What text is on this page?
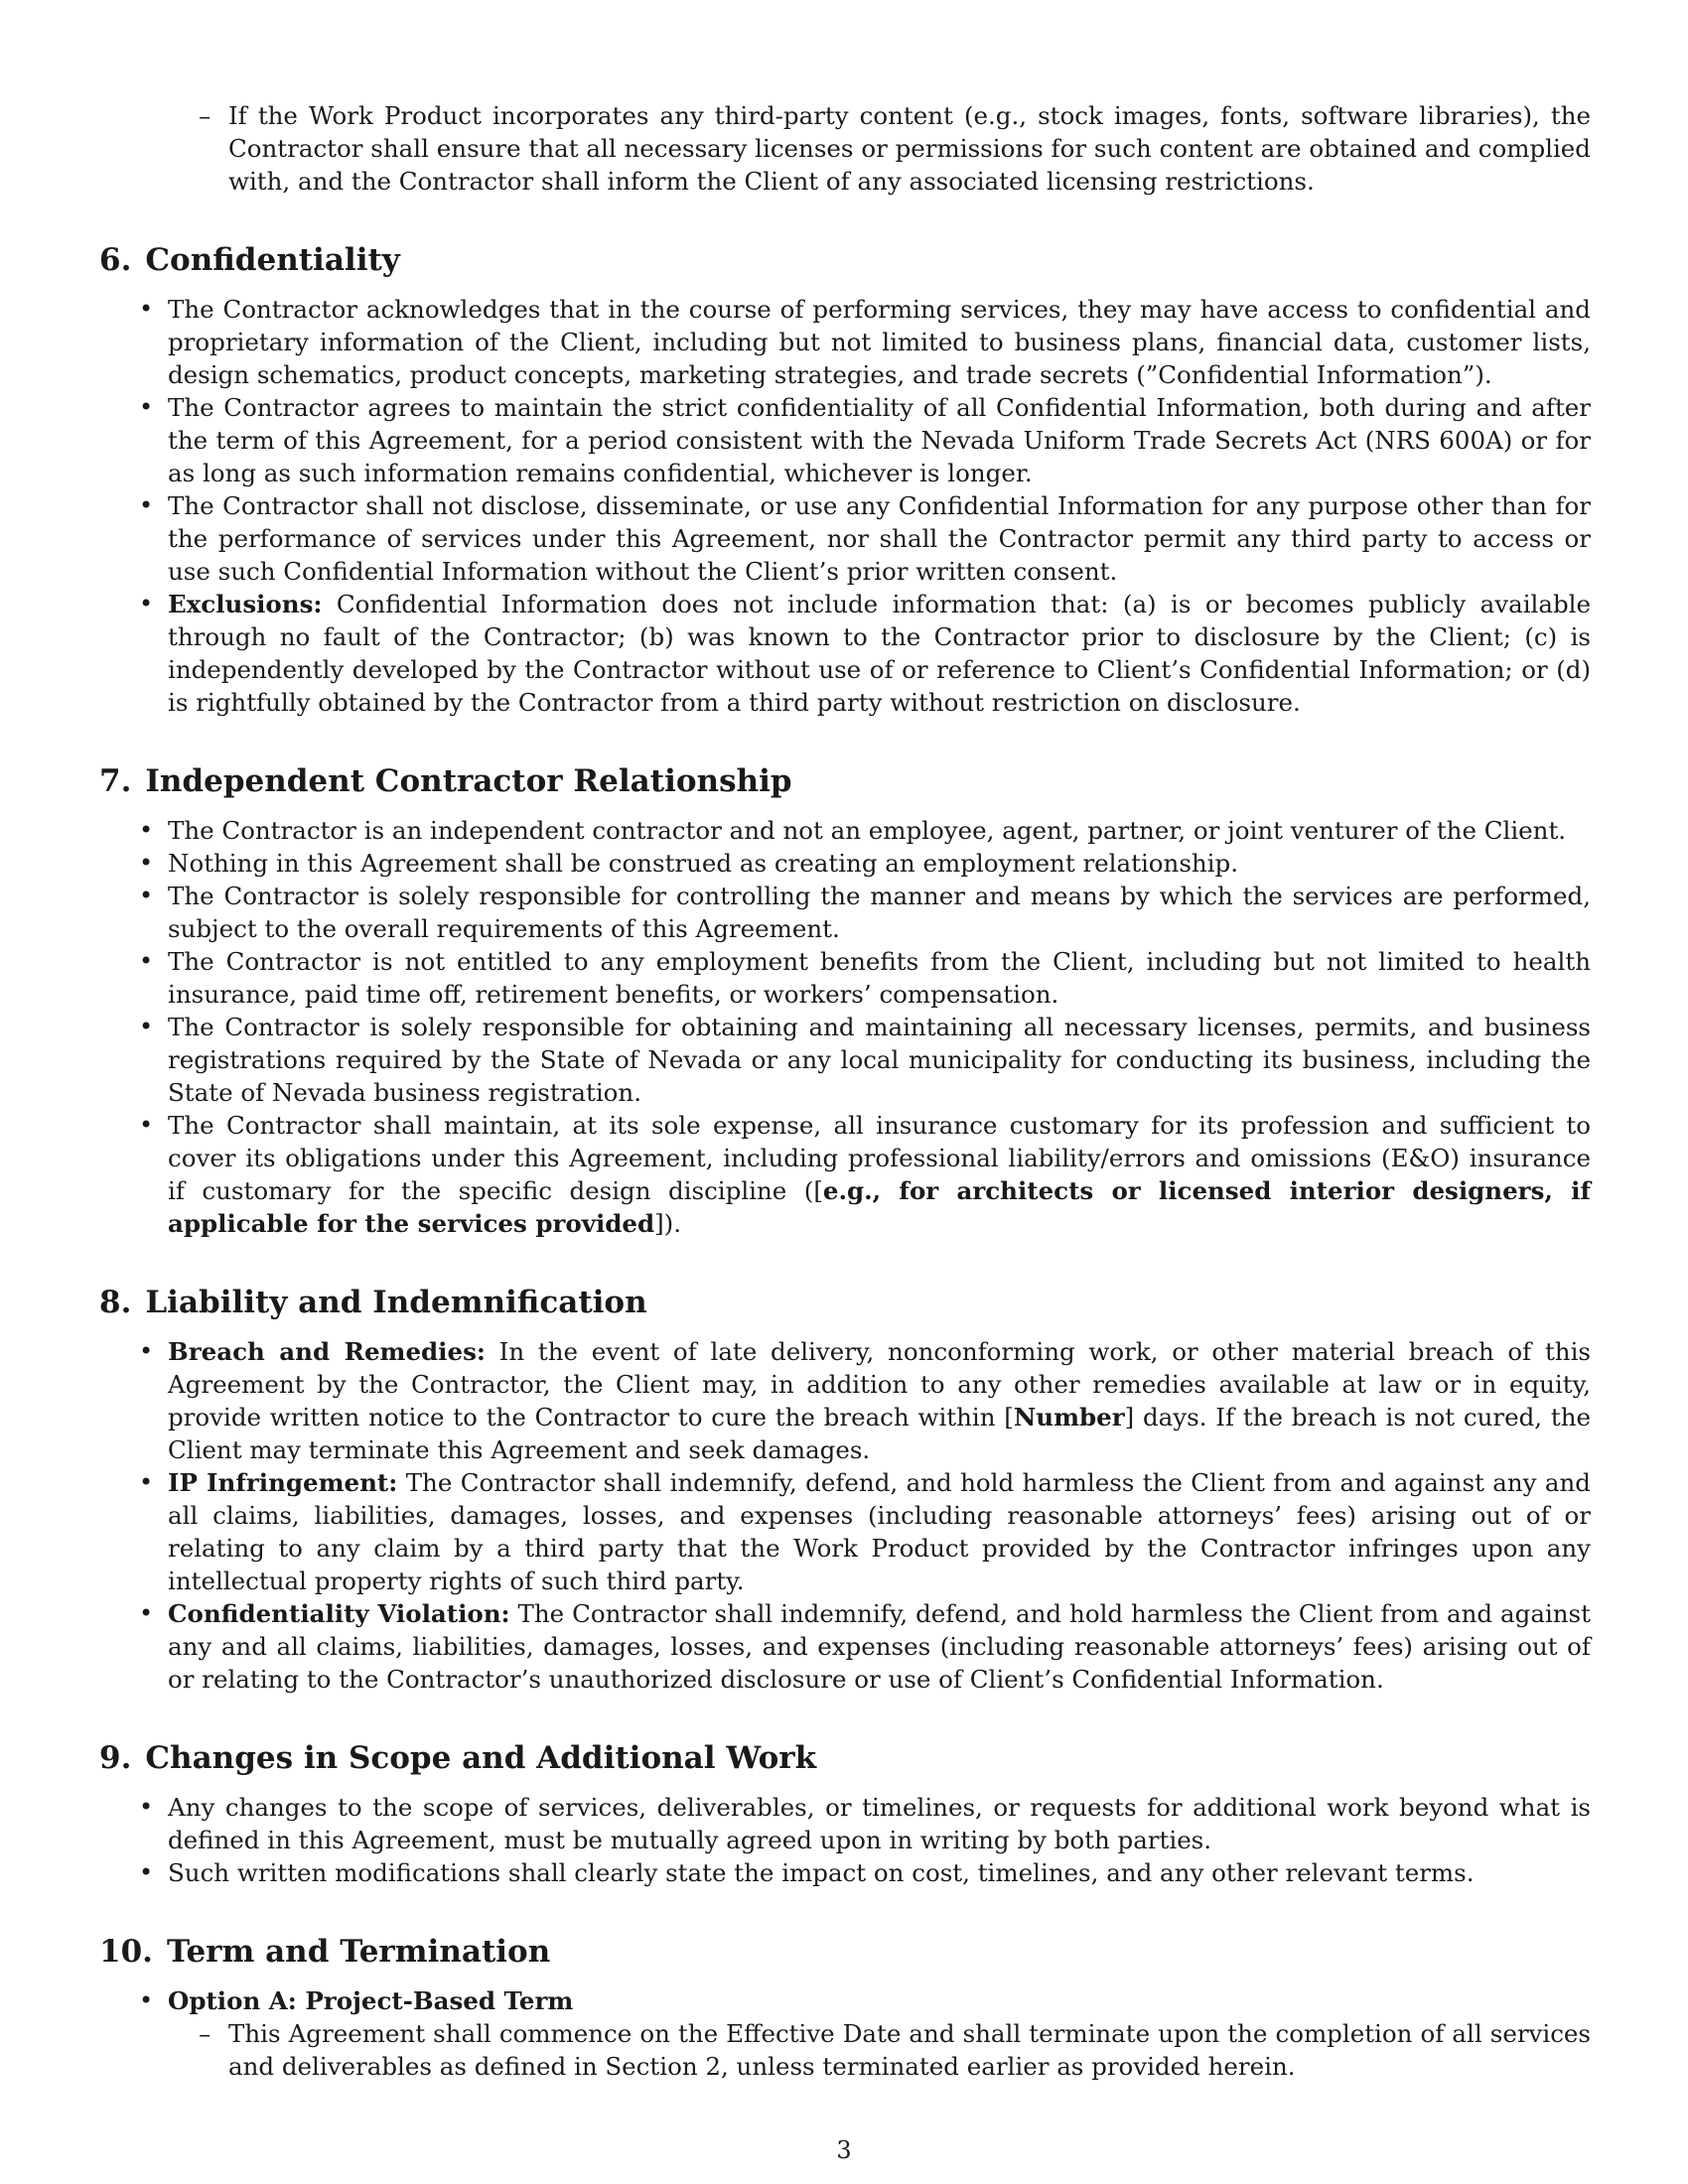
– If the Work Product incorporates any third-party content (e.g., stock images, fonts, software libraries), the Contractor shall ensure that all necessary licenses or permissions for such content are obtained and complied with, and the Contractor shall inform the Client of any associated licensing restrictions.
6. Confidentiality
• The Contractor acknowledges that in the course of performing services, they may have access to confidential and proprietary information of the Client, including but not limited to business plans, financial data, customer lists, design schematics, product concepts, marketing strategies, and trade secrets (”Confidential Information”).
• The Contractor agrees to maintain the strict confidentiality of all Confidential Information, both during and after the term of this Agreement, for a period consistent with the Nevada Uniform Trade Secrets Act (NRS 600A) or for as long as such information remains confidential, whichever is longer.
• The Contractor shall not disclose, disseminate, or use any Confidential Information for any purpose other than for the performance of services under this Agreement, nor shall the Contractor permit any third party to access or use such Confidential Information without the Client’s prior written consent.
• Exclusions: Confidential Information does not include information that: (a) is or becomes publicly available through no fault of the Contractor; (b) was known to the Contractor prior to disclosure by the Client; (c) is independently developed by the Contractor without use of or reference to Client’s Confidential Information; or (d) is rightfully obtained by the Contractor from a third party without restriction on disclosure.
7. Independent Contractor Relationship
• The Contractor is an independent contractor and not an employee, agent, partner, or joint venturer of the Client.
• Nothing in this Agreement shall be construed as creating an employment relationship.
• The Contractor is solely responsible for controlling the manner and means by which the services are performed, subject to the overall requirements of this Agreement.
• The Contractor is not entitled to any employment benefits from the Client, including but not limited to health insurance, paid time off, retirement benefits, or workers’ compensation.
• The Contractor is solely responsible for obtaining and maintaining all necessary licenses, permits, and business registrations required by the State of Nevada or any local municipality for conducting its business, including the State of Nevada business registration.
• The Contractor shall maintain, at its sole expense, all insurance customary for its profession and sufficient to cover its obligations under this Agreement, including professional liability/errors and omissions (E&O) insurance if customary for the specific design discipline ([e.g., for architects or licensed interior designers, if applicable for the services provided]).
8. Liability and Indemnification
• Breach and Remedies: In the event of late delivery, nonconforming work, or other material breach of this Agreement by the Contractor, the Client may, in addition to any other remedies available at law or in equity, provide written notice to the Contractor to cure the breach within [Number] days. If the breach is not cured, the Client may terminate this Agreement and seek damages.
• IP Infringement: The Contractor shall indemnify, defend, and hold harmless the Client from and against any and all claims, liabilities, damages, losses, and expenses (including reasonable attorneys’ fees) arising out of or relating to any claim by a third party that the Work Product provided by the Contractor infringes upon any intellectual property rights of such third party.
• Confidentiality Violation: The Contractor shall indemnify, defend, and hold harmless the Client from and against any and all claims, liabilities, damages, losses, and expenses (including reasonable attorneys’ fees) arising out of or relating to the Contractor’s unauthorized disclosure or use of Client’s Confidential Information.
9. Changes in Scope and Additional Work
• Any changes to the scope of services, deliverables, or timelines, or requests for additional work beyond what is defined in this Agreement, must be mutually agreed upon in writing by both parties.
• Such written modifications shall clearly state the impact on cost, timelines, and any other relevant terms.
10. Term and Termination
• Option A: Project-Based Term
– This Agreement shall commence on the Effective Date and shall terminate upon the completion of all services and deliverables as defined in Section 2, unless terminated earlier as provided herein.
3
